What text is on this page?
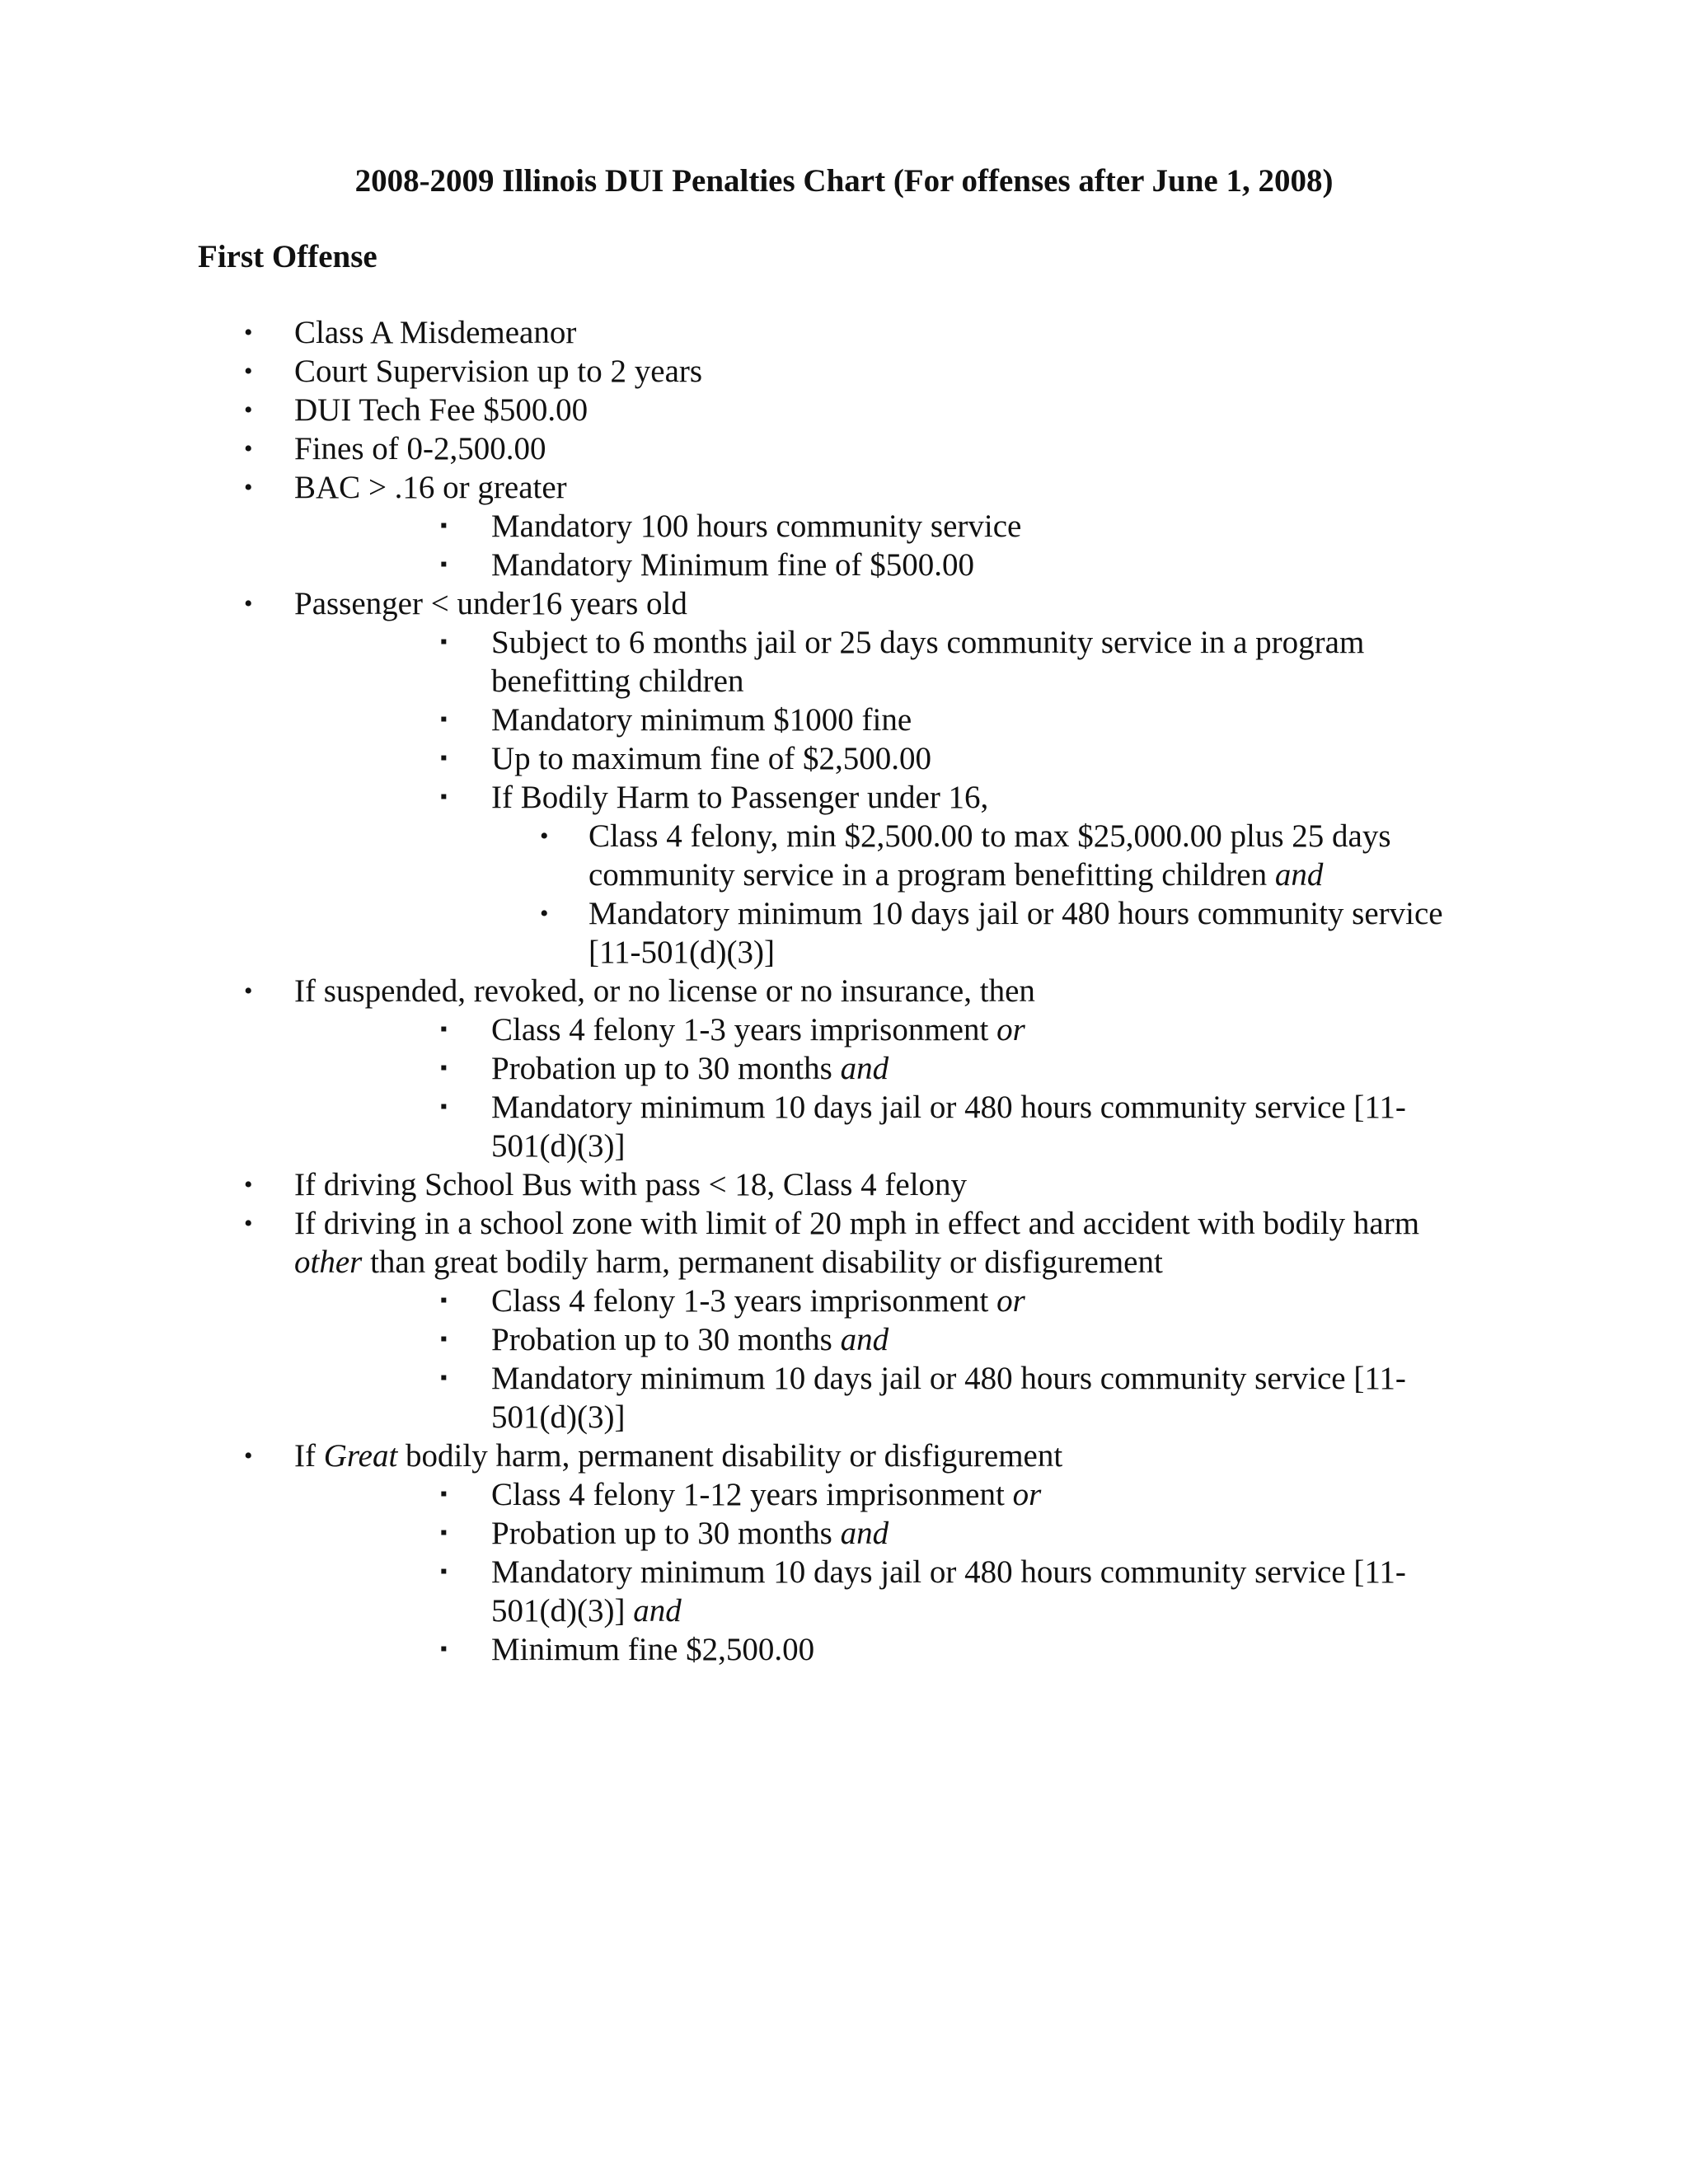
2008-2009 Illinois DUI Penalties Chart (For offenses after June 1, 2008)
First Offense
• Class A Misdemeanor
• Court Supervision up to 2 years
• DUI Tech Fee $500.00
• Fines of 0-2,500.00
• BAC > .16 or greater
▪ Mandatory 100 hours community service
▪ Mandatory Minimum fine of $500.00
• Passenger < under16 years old
▪ Subject to 6 months jail or 25 days community service in a program benefitting children
▪ Mandatory minimum $1000 fine
▪ Up to maximum fine of $2,500.00
▪ If Bodily Harm to Passenger under 16,
• Class 4 felony, min $2,500.00 to max $25,000.00 plus 25 days community service in a program benefitting children and
• Mandatory minimum 10 days jail or 480 hours community service [11-501(d)(3)]
• If suspended, revoked, or no license or no insurance, then
▪ Class 4 felony 1-3 years imprisonment or
▪ Probation up to 30 months and
▪ Mandatory minimum 10 days jail or 480 hours community service [11-501(d)(3)]
• If driving School Bus with pass < 18, Class 4 felony
• If driving in a school zone with limit of 20 mph in effect and accident with bodily harm other than great bodily harm, permanent disability or disfigurement
▪ Class 4 felony 1-3 years imprisonment or
▪ Probation up to 30 months and
▪ Mandatory minimum 10 days jail or 480 hours community service [11-501(d)(3)]
• If Great bodily harm, permanent disability or disfigurement
▪ Class 4 felony 1-12 years imprisonment or
▪ Probation up to 30 months and
▪ Mandatory minimum 10 days jail or 480 hours community service [11-501(d)(3)] and
▪ Minimum fine $2,500.00
